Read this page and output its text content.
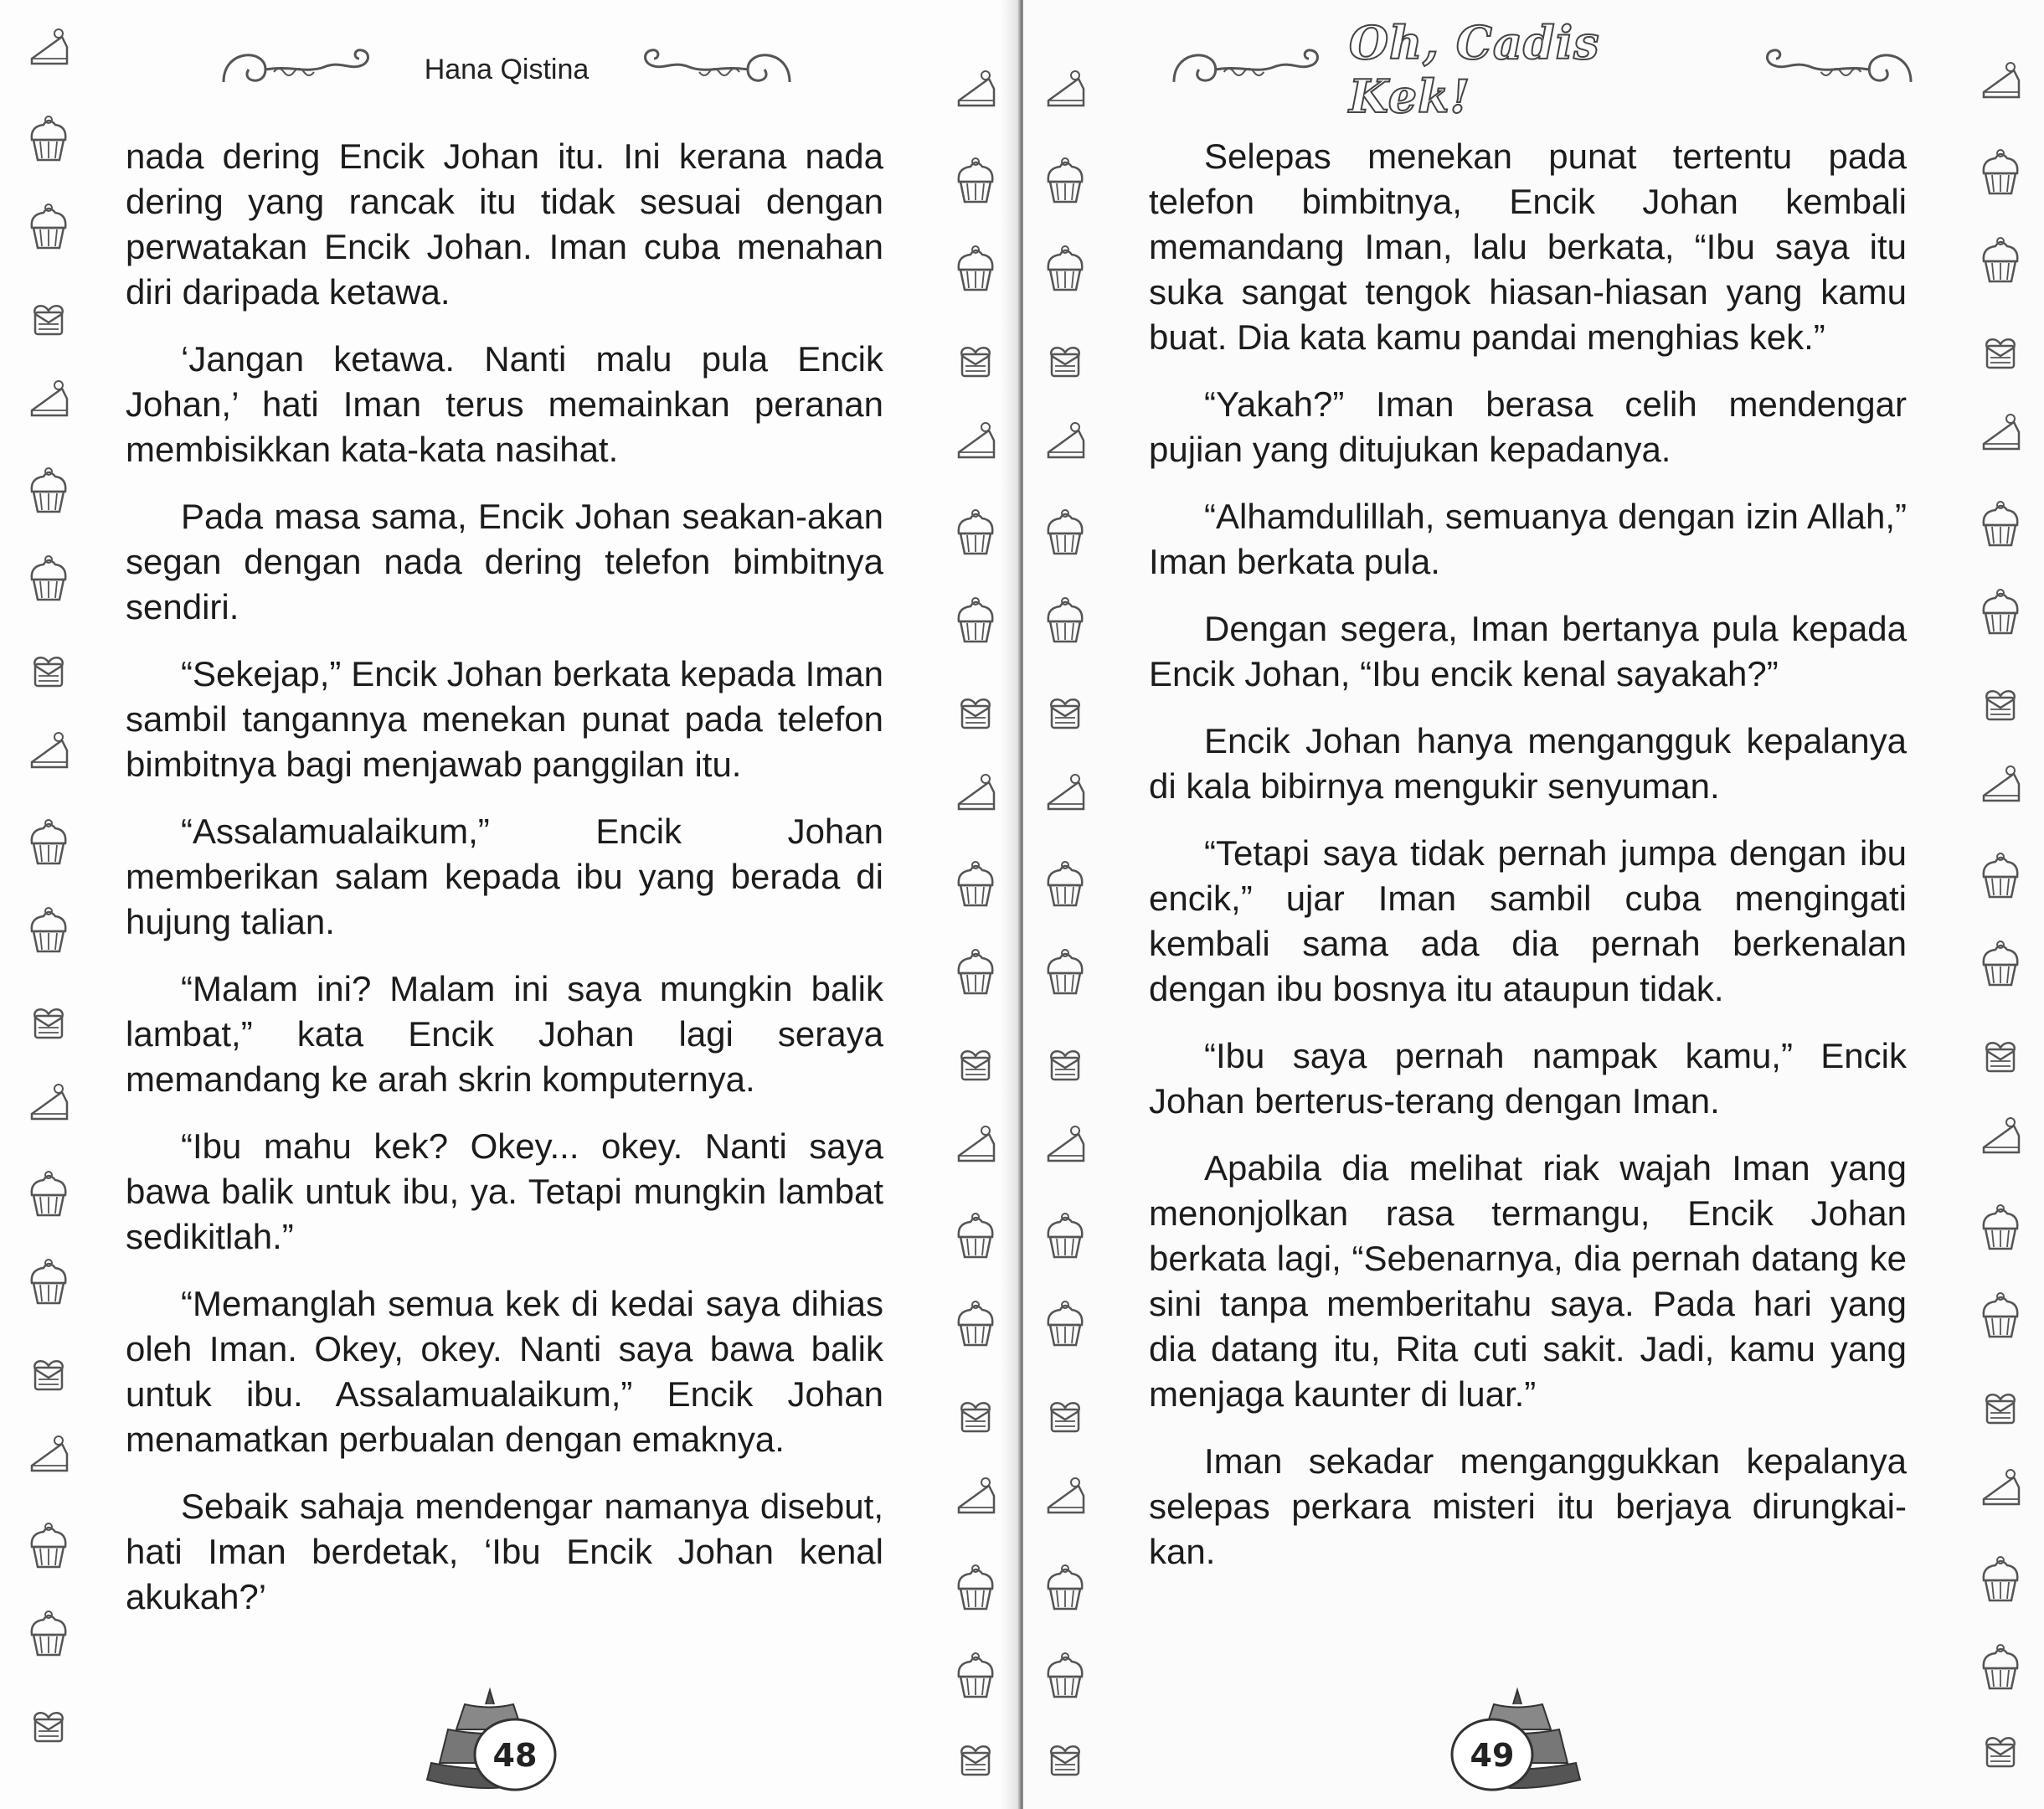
Hana Qistina

nada dering Encik Johan itu. Ini kerana nada dering yang rancak itu tidak sesuai dengan perwatakan Encik Johan. Iman cuba menahan diri daripada ketawa.

‘Jangan ketawa. Nanti malu pula Encik Johan,’ hati Iman terus memainkan peranan membisikkan kata-kata nasihat.

Pada masa sama, Encik Johan seakan-akan segan dengan nada dering telefon bimbitnya sendiri.

“Sekejap,” Encik Johan berkata kepada Iman sambil tangannya menekan punat pada telefon bimbitnya bagi menjawab panggilan itu.

“Assalamualaikum,” Encik Johan memberikan salam kepada ibu yang berada di hujung talian.

“Malam ini? Malam ini saya mungkin balik lambat,” kata Encik Johan lagi seraya memandang ke arah skrin komputernya.

“Ibu mahu kek? Okey... okey. Nanti saya bawa balik untuk ibu, ya. Tetapi mungkin lambat sedikitlah.”

“Memanglah semua kek di kedai saya dihias oleh Iman. Okey, okey. Nanti saya bawa balik untuk ibu. Assalamualaikum,” Encik Johan menamatkan perbualan dengan emaknya.

Sebaik sahaja mendengar namanya disebut, hati Iman berdetak, ‘Ibu Encik Johan kenal akukah?’

48
Oh, Cadis Kek!

Selepas menekan punat tertentu pada telefon bimbitnya, Encik Johan kembali memandang Iman, lalu berkata, “Ibu saya itu suka sangat tengok hiasan-hiasan yang kamu buat. Dia kata kamu pandai menghias kek.”

“Yakah?” Iman berasa celih mendengar pujian yang ditujukan kepadanya.

“Alhamdulillah, semuanya dengan izin Allah,” Iman berkata pula.

Dengan segera, Iman bertanya pula kepada Encik Johan, “Ibu encik kenal sayakah?”

Encik Johan hanya mengangguk kepalanya di kala bibirnya mengukir senyuman.

“Tetapi saya tidak pernah jumpa dengan ibu encik,” ujar Iman sambil cuba mengingati kembali sama ada dia pernah berkenalan dengan ibu bosnya itu ataupun tidak.

“Ibu saya pernah nampak kamu,” Encik Johan berterus-terang dengan Iman.

Apabila dia melihat riak wajah Iman yang menonjolkan rasa termangu, Encik Johan berkata lagi, “Sebenarnya, dia pernah datang ke sini tanpa memberitahu saya. Pada hari yang dia datang itu, Rita cuti sakit. Jadi, kamu yang menjaga kaunter di luar.”

Iman sekadar menganggukkan kepalanya selepas perkara misteri itu berjaya dirungkai-kan.

49
